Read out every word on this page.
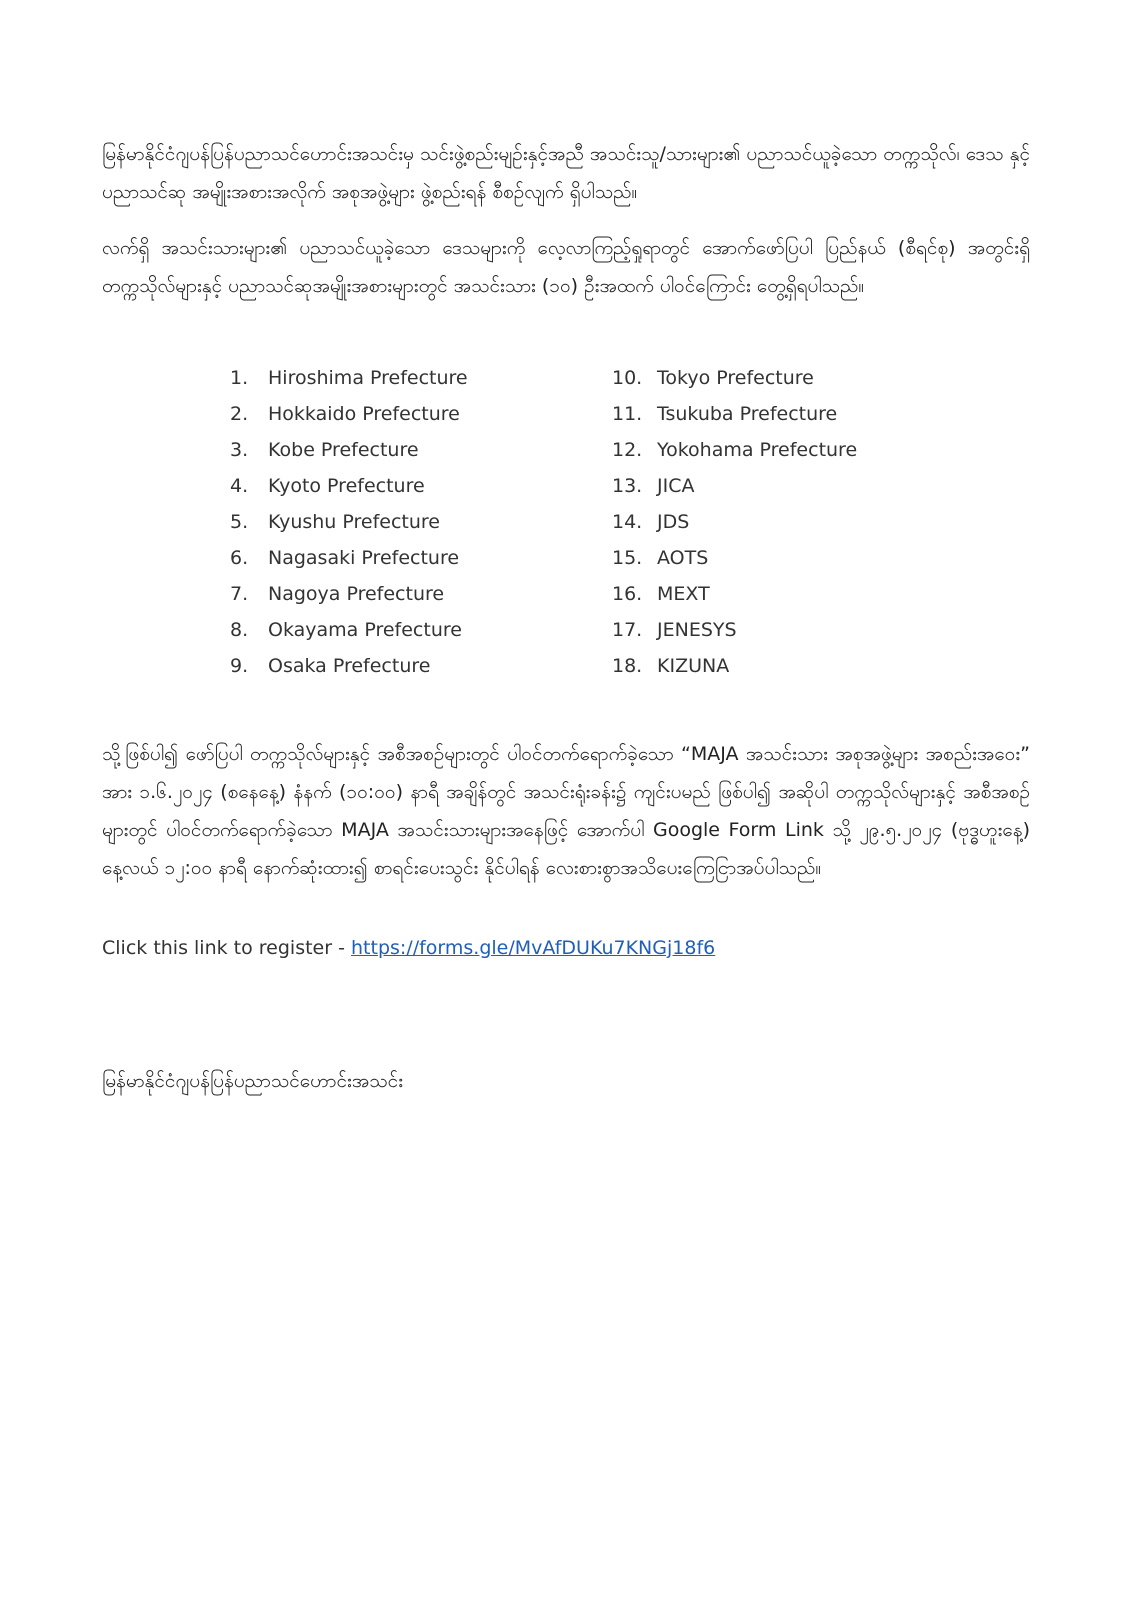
မြန်မာနိုင်ငံဂျပန်ပြန်ပညာသင်ဟောင်းအသင်းမှ သင်းဖွဲ့စည်းမျဥ်းနှင့်အညီ အသင်းသူ/သားများ၏ ပညာသင်ယူခဲ့သော တက္ကသိုလ်၊ ဒေသ နှင့် ပညာသင်ဆု အမျိုးအစားအလိုက် အစုအဖွဲ့များ ဖွဲ့စည်းရန် စီစဥ်လျက် ရှိပါသည်။

လက်ရှိ အသင်းသားများ၏ ပညာသင်ယူခဲ့သော ဒေသများကို လေ့လာကြည့်ရှုရာတွင် အောက်ဖော်ပြပါ ပြည်နယ် (စီရင်စု) အတွင်းရှိ တက္ကသိုလ်များနှင့် ပညာသင်ဆုအမျိုးအစားများတွင် အသင်းသား (၁၀) ဦးအထက် ပါဝင်ကြောင်း တွေ့ရှိရပါသည်။

1. Hiroshima Prefecture
2. Hokkaido Prefecture
3. Kobe Prefecture
4. Kyoto Prefecture
5. Kyushu Prefecture
6. Nagasaki Prefecture
7. Nagoya Prefecture
8. Okayama Prefecture
9. Osaka Prefecture
10. Tokyo Prefecture
11. Tsukuba Prefecture
12. Yokohama Prefecture
13. JICA
14. JDS
15. AOTS
16. MEXT
17. JENESYS
18. KIZUNA

သို့ဖြစ်ပါ၍ ဖော်ပြပါ တက္ကသိုလ်များနှင့် အစီအစဥ်များတွင် ပါဝင်တက်ရောက်ခဲ့သော “MAJA အသင်းသား အစုအဖွဲ့များ အစည်းအဝေး” အား ၁.၆.၂၀၂၄ (စနေနေ့) နံနက် (၁၀:၀၀) နာရီ အချိန်တွင် အသင်းရုံးခန်း၌ ကျင်းပမည် ဖြစ်ပါ၍ အဆိုပါ တက္ကသိုလ်များနှင့် အစီအစဥ်များတွင် ပါဝင်တက်ရောက်ခဲ့သော MAJA အသင်းသားများအနေဖြင့် အောက်ပါ Google Form Link သို့ ၂၉.၅.၂၀၂၄ (ဗုဒ္ဓဟူးနေ့) နေ့လယ် ၁၂:၀၀ နာရီ နောက်ဆုံးထား၍ စာရင်းပေးသွင်း နိုင်ပါရန် လေးစားစွာအသိပေးကြေငြာအပ်ပါသည်။

Click this link to register - https://forms.gle/MvAfDUKu7KNGj18f6

မြန်မာနိုင်ငံဂျပန်ပြန်ပညာသင်ဟောင်းအသင်း
